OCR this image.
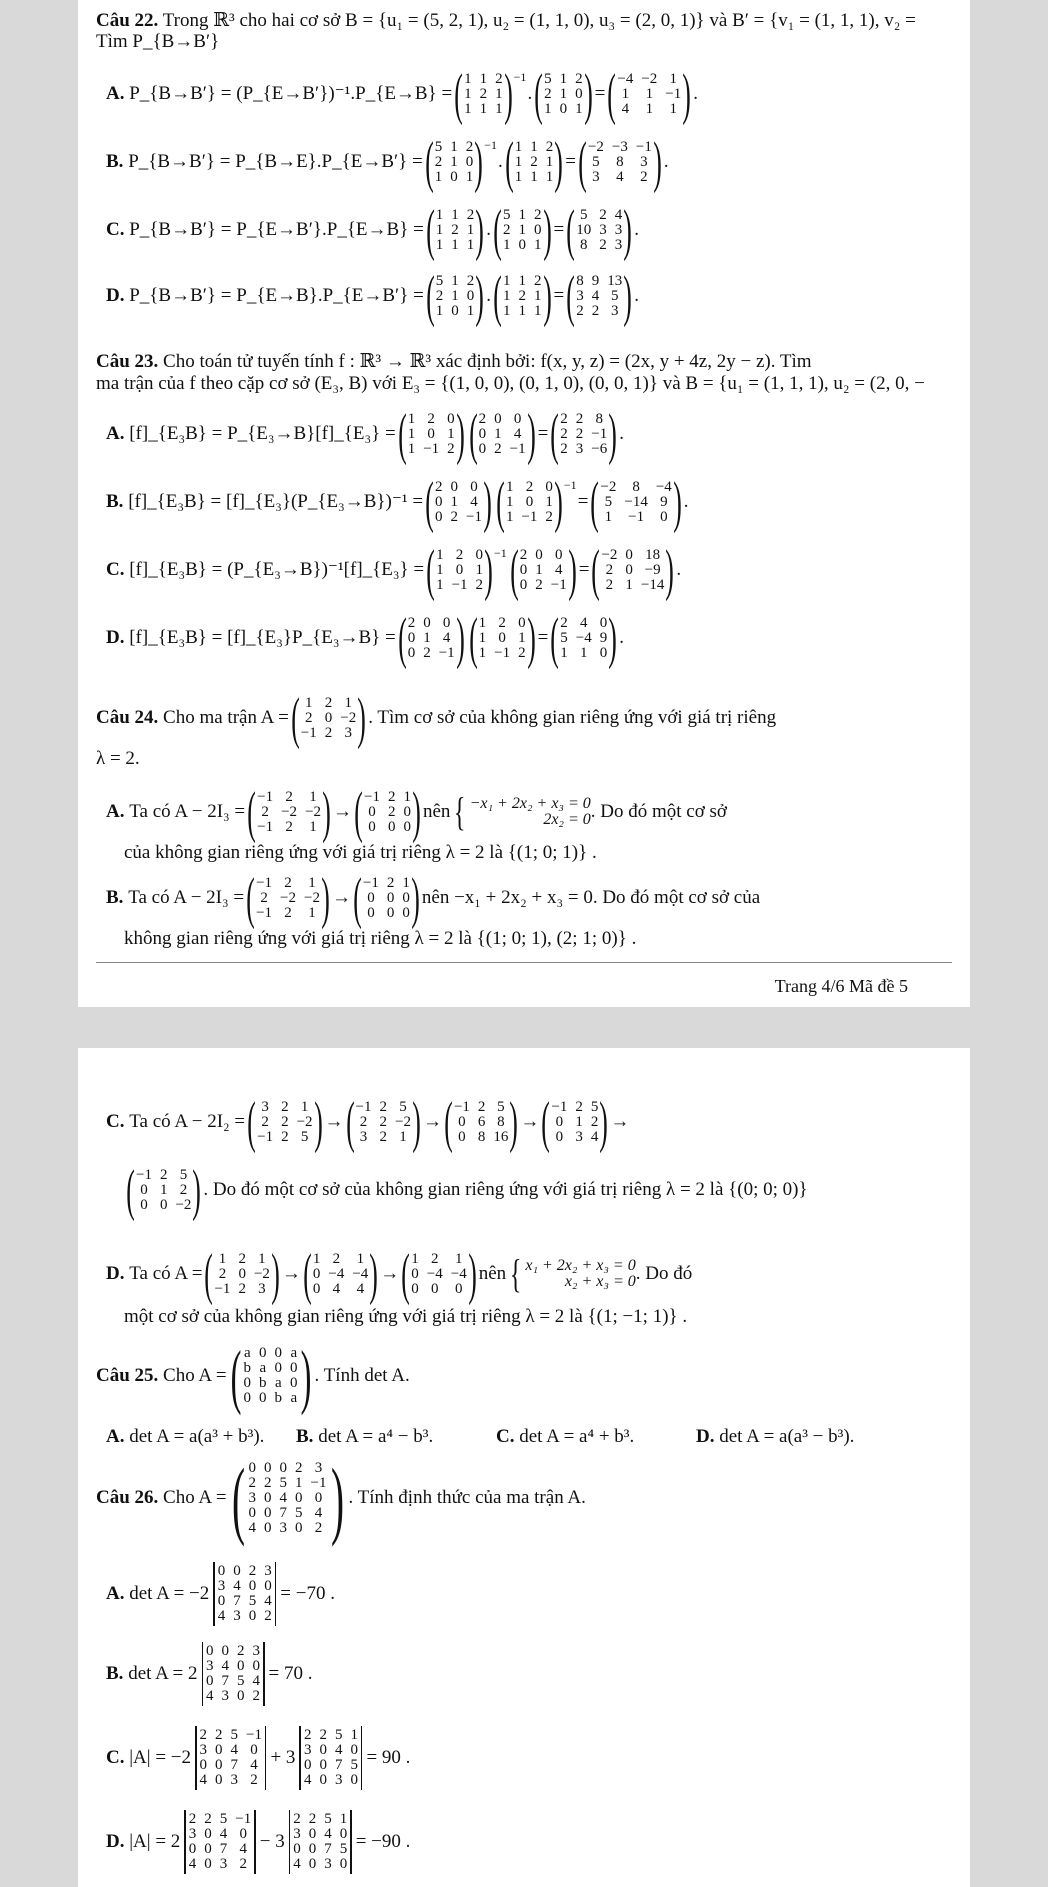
Câu 22. Trong ℝ³ cho hai cơ sở B = {u₁ = (5, 2, 1), u₂ = (1, 1, 0), u₃ = (2, 0, 1)} và B′ = {v₁ = (1, 1, 1), v₂ =
Tìm P_{B→B′}
A.
P_{B→B′} = (P_{E→B′})⁻¹.P_{E→B} = ( 1 1 2
1 2 1
1 1 1 )$^{-1}$
. ( 5 1 2
2 1 0
1 0 1 ) = ( −4 −2 1
1 1 −1
4 1 1 ) .
B.
P_{B→B′} = P_{B→E}.P_{E→B′} = ( 5 1 2
2 1 0
1 0 1 )$^{-1}$
. ( 1 1 2
1 2 1
1 1 1 ) = ( −2 −3 −1
5 8 3
3 4 2 ) .
C.
P_{B→B′} = P_{E→B′}.P_{E→B} = ( 1 1 2
1 2 1
1 1 1 ) . ( 5 1 2
2 1 0
1 0 1 ) = ( 5 2 4
10 3 3
8 2 3 ) .
D.
P_{B→B′} = P_{E→B}.P_{E→B′} = ( 5 1 2
2 1 0
1 0 1 ) . ( 1 1 2
1 2 1
1 1 1 ) = ( 8 9 13
3 4 5
2 2 3 ) .
Câu 23. Cho toán tử tuyến tính f : ℝ³ → ℝ³ xác định bởi: f(x, y, z) = (2x, y + 4z, 2y − z). Tìm
ma trận của f theo cặp cơ sở (E₃, B) với E₃ = {(1, 0, 0), (0, 1, 0), (0, 0, 1)} và B = {u₁ = (1, 1, 1), u₂ = (2, 0, −
A.
[f]_{E₃B} = P_{E₃→B}[f]_{E₃} = ( 1 2 0
1 0 1
1 −1 2 ) ( 2 0 0
0 1 4
0 2 −1 ) = ( 2 2 8
2 2 −1
2 3 −6 ) .
B.
[f]_{E₃B} = [f]_{E₃}(P_{E₃→B})⁻¹ = ( 2 0 0
0 1 4
0 2 −1 ) ( 1 2 0
1 0 1
1 −1 2 )$^{-1}$
= ( −2	8	−4
5 −14 9
1 −1 0 ) .
C.
[f]_{E₃B} = (P_{E₃→B})⁻¹[f]_{E₃} = ( 1 2 0
1 0 1
1 −1 2 )$^{-1}$ ( 2 0 0
0 1 4
0 2 −1 ) = ( −2 0 18
2 0 −9
2 1 −14 ) .
D.
[f]_{E₃B} = [f]_{E₃}P_{E₃→B} = ( 2 0 0
0 1 4
0 2 −1 ) ( 1 2 0
1 0 1
1 −1 2 ) = ( 2 4 0
5 −4 9
1 1 0 ) .
Câu 24.
Cho ma trận A = ( 1 2 1
2 0 −2
−1 2 3 ) . Tìm cơ sở của không gian riêng ứng với giá trị riêng
λ = 2.
A.
Ta có A − 2I₃ = ( −1 2 1
2 −2 −2
−1 2 1 ) → ( −1 2 1
0 2 0
0 0 0 ) nên { −x₁ + 2x₂ + x₃ = 0
2x₂ = 0 . Do đó một cơ sở
của không gian riêng ứng với giá trị riêng λ = 2 là {(1; 0; 1)} .
B.
Ta có A − 2I₃ = ( −1 2 1
2 −2 −2
−1 2 1 ) → ( −1 2 1
0 0 0
0 0 0 ) nên −x₁ + 2x₂ + x₃ = 0. Do đó một cơ sở của
không gian riêng ứng với giá trị riêng λ = 2 là {(1; 0; 1), (2; 1; 0)} .
Trang 4/6 Mã đề 5
C.
Ta có A − 2I₂ = ( 3 2 1
2 2 −2
−1 2 5 ) → ( −1 2 5
2 2 −2
3 2 1 ) → ( −1 2 5
0 6 8
0 8 16 ) → ( −1 2 5
0 1 2
0 3 4 ) →
( −1 2 5
0 1 2
0 0 −2 ) . Do đó một cơ sở của không gian riêng ứng với giá trị riêng λ = 2 là {(0; 0; 0)}
D.
Ta có A = ( 1 2 1
2 0 −2
−1 2 3 ) → ( 1 2 1
0 −4 −4
0 4 4 ) → ( 1 2 1
0 −4 −4
0 0 0 ) nên { x₁ + 2x₂ + x₃ = 0
x₂ + x₃ = 0 . Do đó
một cơ sở của không gian riêng ứng với giá trị riêng λ = 2 là {(1; −1; 1)} .
Câu 25.
Cho A = ( a 0 0 a
b a 0 0
0 b a 0
0 0 b a ) . Tính det A.
A. det A = a(a³ + b³).	B. det A = a⁴ − b³.	C. det A = a⁴ + b³.	D. det A = a(a³ − b³).
Câu 26.
Cho A = ( 0 0 0 2 3
2 2 5 1 −1
3 0 4 0 0
0 0 7 5 4
4 0 3 0 2 ) . Tính định thức của ma trận A.
A.
det A = −2
0 0 2 3
3 4 0 0
0 7 5 4
4 3 0 2
= −70 .
B.
det A = 2
0 0 2 3
3 4 0 0
0 7 5 4
4 3 0 2
= 70 .
C.
|A| = −2
2 2 5 −1
3 0 4 0
0 0 7 4
4 0 3 2
+ 3
2 2 5 1
3 0 4 0
0 0 7 5
4 0 3 0
= 90 .
D.
|A| = 2
2 2 5 −1
3 0 4 0
0 0 7 4
4 0 3 2
− 3
2 2 5 1
3 0 4 0
0 0 7 5
4 0 3 0
= −90 .
